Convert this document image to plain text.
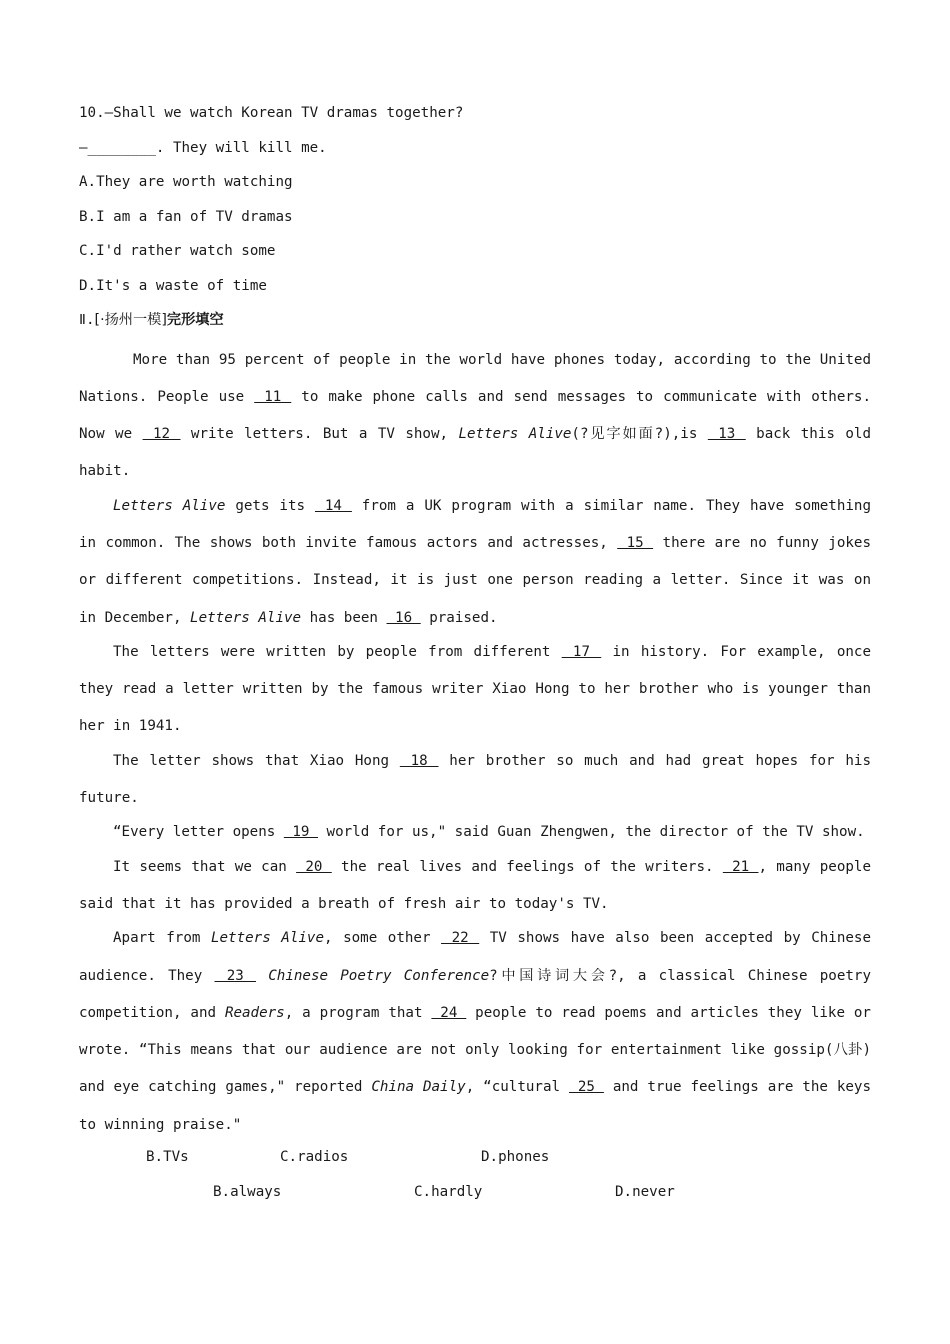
10.—Shall we watch Korean TV dramas together?
—________. They will kill me.
A.They are worth watching
B.I am a fan of TV dramas
C.I'd rather watch some
D.It's a waste of time
Ⅱ.[·扬州一模]完形填空

More than 95 percent of people in the world have phones today, according to the United Nations. People use  11  to make phone calls and send messages to communicate with others. Now we  12  write letters. But a TV show, Letters Alive(?见字如面?),is  13  back this old habit.

Letters Alive gets its  14  from a UK program with a similar name. They have something in common. The shows both invite famous actors and actresses,  15  there are no funny jokes or different competitions. Instead, it is just one person reading a letter. Since it was on in December, Letters Alive has been  16  praised.

The letters were written by people from different  17  in history. For example, once they read a letter written by the famous writer Xiao Hong to her brother who is younger than her in 1941.

The letter shows that Xiao Hong  18  her brother so much and had great hopes for his future.

“Every letter opens  19  world for us," said Guan Zhengwen, the director of the TV show.

It seems that we can  20  the real lives and feelings of the writers.  21 , many people said that it has provided a breath of fresh air to today's TV.

Apart from Letters Alive, some other  22  TV shows have also been accepted by Chinese audience. They  23  Chinese Poetry Conference?中国诗词大会?, a classical Chinese poetry competition, and Readers, a program that  24  people to read poems and articles they like or wrote. “This means that our audience are not only looking for entertainment like gossip(八卦) and eye catching games," reported China Daily, “cultural  25  and true feelings are the keys to winning praise."

B.TVs	C.radios	D.phones
B.always	C.hardly	D.never
